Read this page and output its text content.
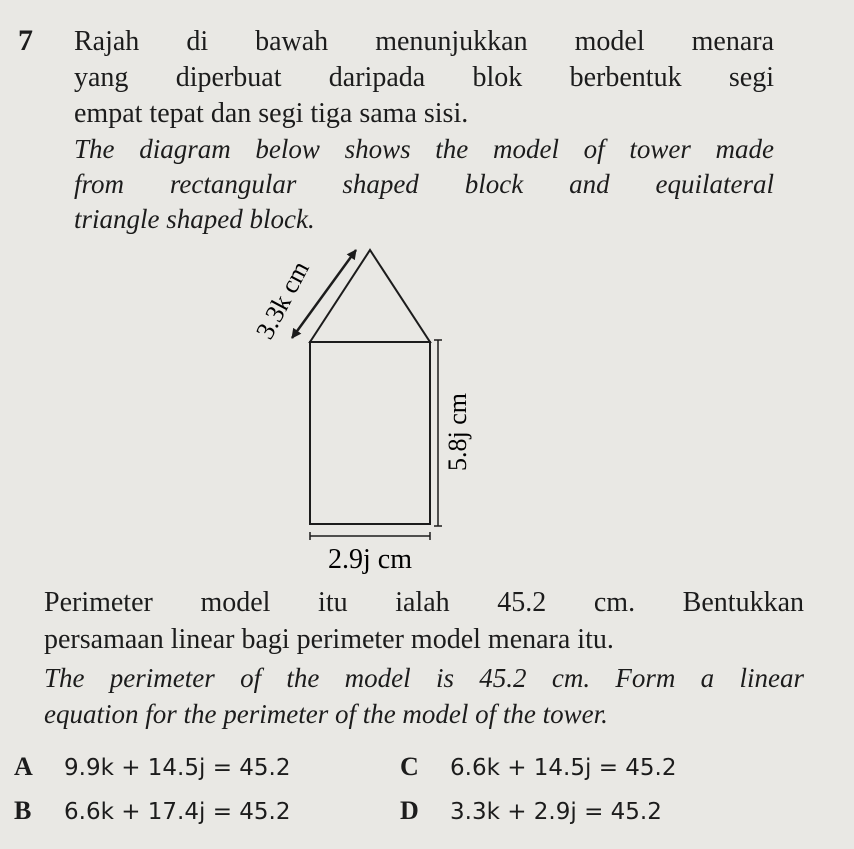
7 Rajah di bawah menunjukkan model menara
yang diperbuat daripada blok berbentuk segi
empat tepat dan segi tiga sama sisi.
The diagram below shows the model of tower made
from rectangular shaped block and equilateral
triangle shaped block.
3.3k cm
5.8j cm
2.9j cm
Perimeter model itu ialah 45.2 cm. Bentukkan
persamaan linear bagi perimeter model menara itu.
The perimeter of the model is 45.2 cm. Form a linear
equation for the perimeter of the model of the tower.
A 9.9k + 14.5j = 45.2
B 6.6k + 17.4j = 45.2
C 6.6k + 14.5j = 45.2
D 3.3k + 2.9j = 45.2
